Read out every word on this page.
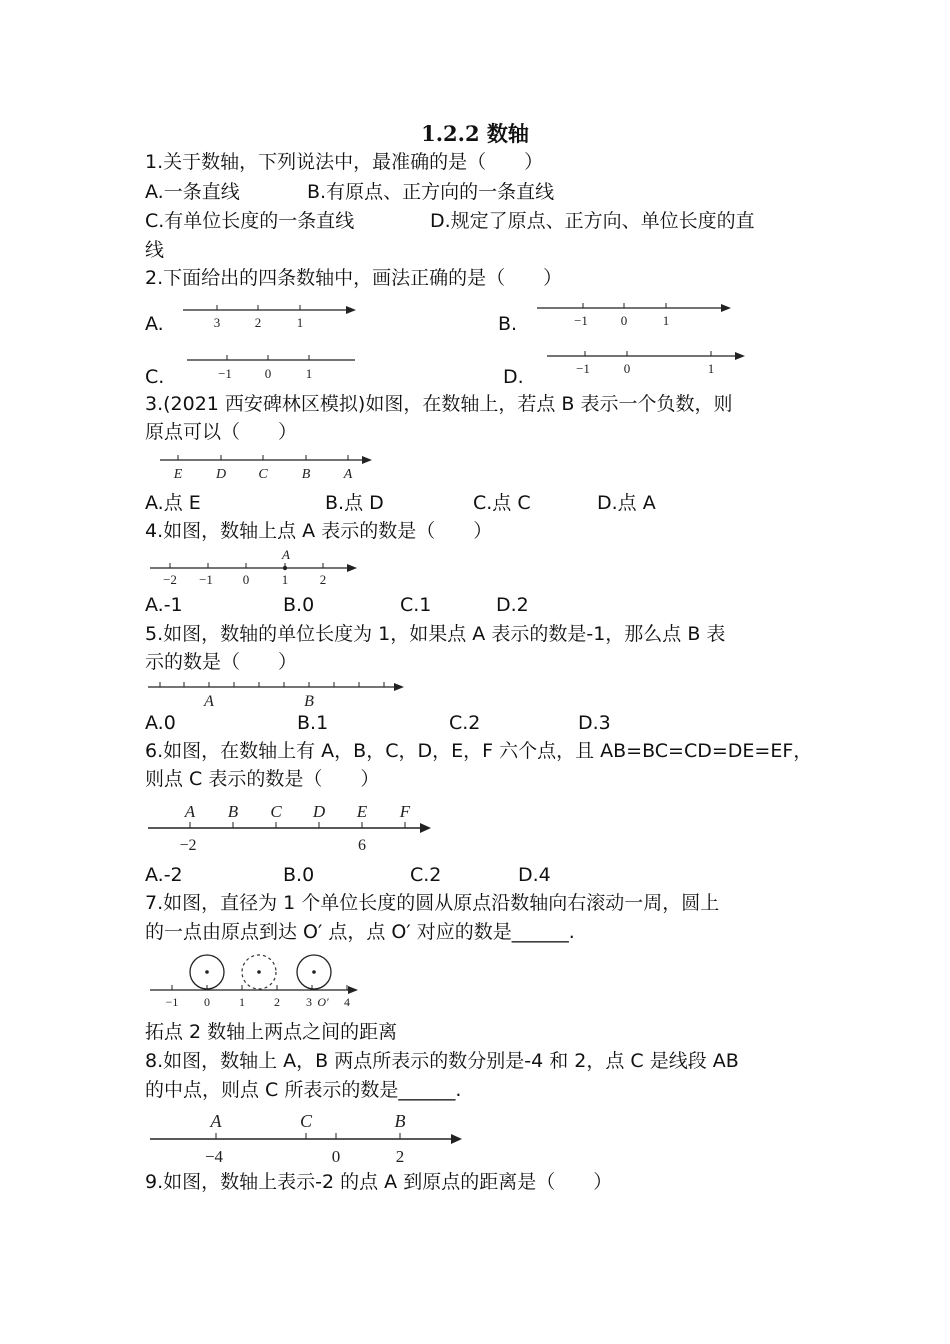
1.2.2 数轴
1.关于数轴，下列说法中，最准确的是（　　）
A.一条直线	B.有原点、正方向的一条直线
C.有单位长度的一条直线	D.规定了原点、正方向、单位长度的直
线
2.下面给出的四条数轴中，画法正确的是（　　）
A.	B.
C.	D.
3	2	1	−1	0	1
−1	0	1	−1	0	1
3.(2021 西安碑林区模拟)如图，在数轴上，若点 B 表示一个负数，则
原点可以（　　）
E D C B A
A.点 E	B.点 D	C.点 C	D.点 A
4.如图，数轴上点 A 表示的数是（　　）
A
−2 −1 0	1 2
A.-1	B.0	C.1	D.2
5.如图，数轴的单位长度为 1，如果点 A 表示的数是-1，那么点 B 表
示的数是（　　）
A	B
A.0	B.1	C.2	D.3
6.如图，在数轴上有 A，B，C，D，E，F 六个点，且 AB=BC=CD=DE=EF，
则点 C 表示的数是（　　）
A B C D E F
−2	6
A.-2	B.0	C.2	D.4
7.如图，直径为 1 个单位长度的圆从原点沿数轴向右滚动一周，圆上
的一点由原点到达 O′ 点，点 O′ 对应的数是______.
−1 0 1 2 3 O′ 4
拓点 2 数轴上两点之间的距离
8.如图，数轴上 A，B 两点所表示的数分别是-4 和 2，点 C 是线段 AB
的中点，则点 C 所表示的数是______.
A	C	B
−4	0	2
9.如图，数轴上表示-2 的点 A 到原点的距离是（　　）
